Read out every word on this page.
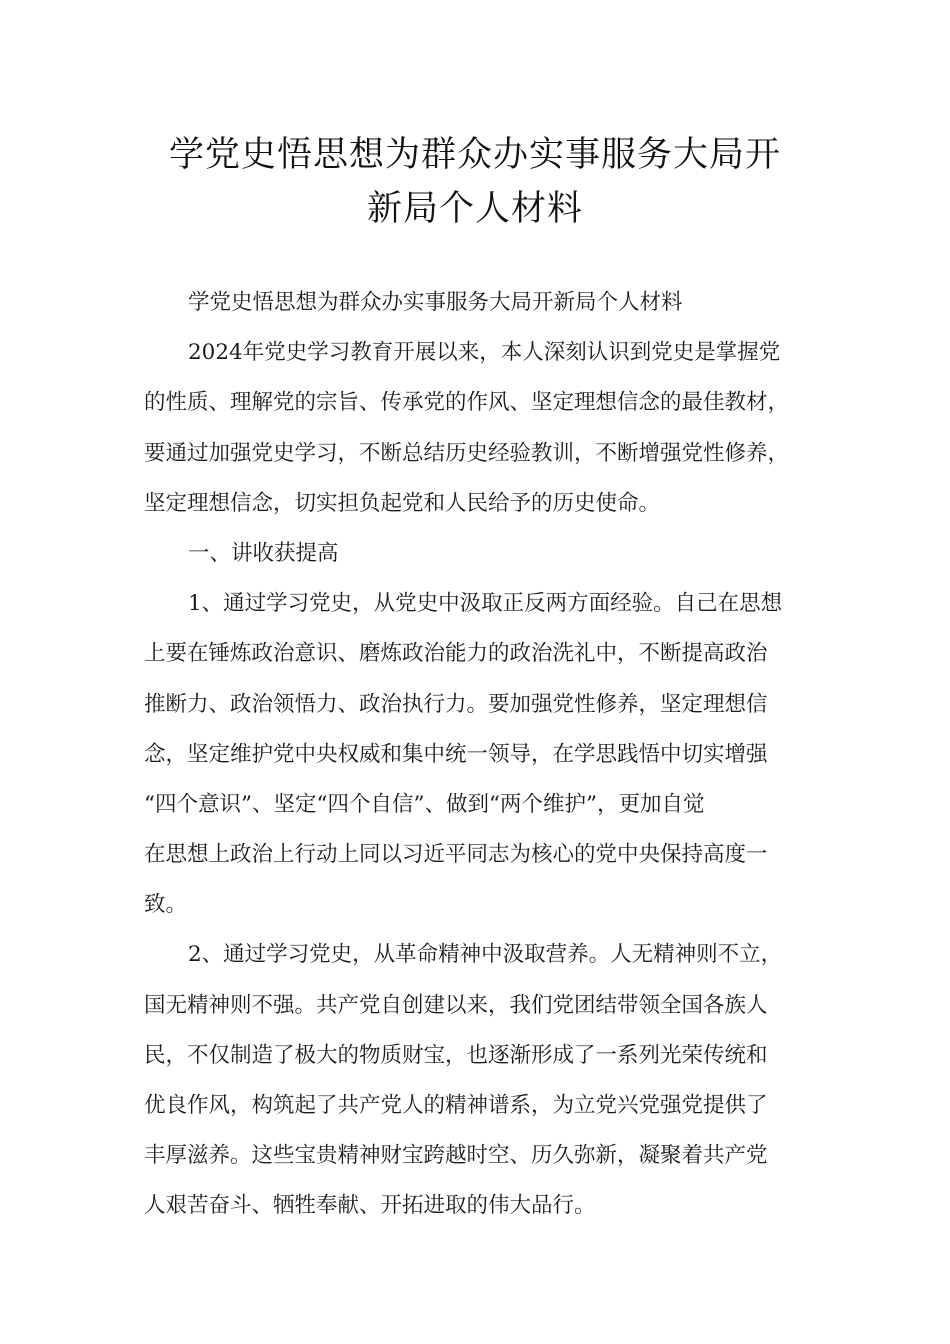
学党史悟思想为群众办实事服务大局开
新局个人材料
学党史悟思想为群众办实事服务大局开新局个人材料
2024年党史学习教育开展以来，本人深刻认识到党史是掌握党
的性质、理解党的宗旨、传承党的作风、坚定理想信念的最佳教材，
要通过加强党史学习，不断总结历史经验教训，不断增强党性修养，
坚定理想信念，切实担负起党和人民给予的历史使命。
一、讲收获提高
1、通过学习党史，从党史中汲取正反两方面经验。自己在思想
上要在锤炼政治意识、磨炼政治能力的政治洗礼中，不断提高政治
推断力、政治领悟力、政治执行力。要加强党性修养，坚定理想信
念，坚定维护党中央权威和集中统一领导，在学思践悟中切实增强
“四个意识”、坚定“四个自信”、做到“两个维护”，更加自觉
在思想上政治上行动上同以习近平同志为核心的党中央保持高度一
致。
2、通过学习党史，从革命精神中汲取营养。人无精神则不立，
国无精神则不强。共产党自创建以来，我们党团结带领全国各族人
民，不仅制造了极大的物质财宝，也逐渐形成了一系列光荣传统和
优良作风，构筑起了共产党人的精神谱系，为立党兴党强党提供了
丰厚滋养。这些宝贵精神财宝跨越时空、历久弥新，凝聚着共产党
人艰苦奋斗、牺牲奉献、开拓进取的伟大品行。
